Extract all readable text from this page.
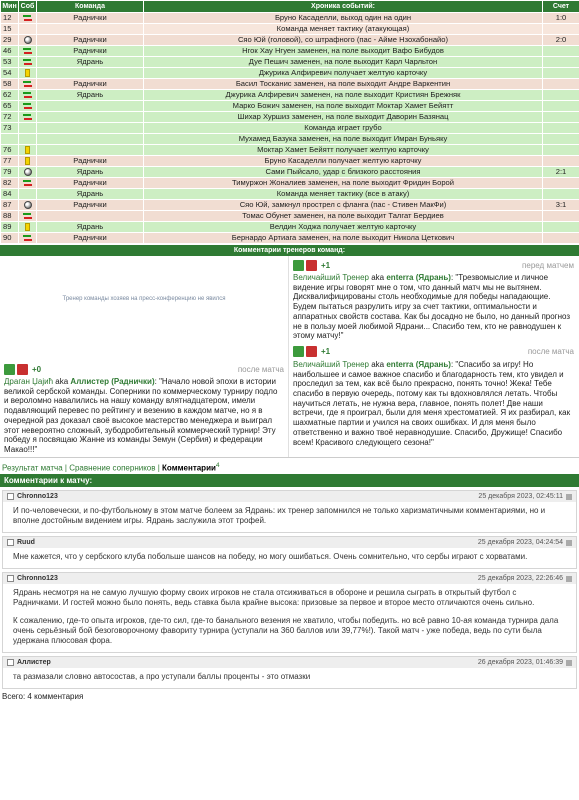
Мин	Соб	Команда	Хроника событий:	Счет
12		Раднички	Бруно Касаделли, выход один на один	1:0
15			Команда меняет тактику (атакующая)	
29		Раднички	Сяо Юй (головой), со штрафного (пас - Айме Нзохабонайо)	2:0
46		Раднички	Нгок Хау Нгуен заменен, на поле выходит Вафо Бибудов	
53		Ядрань	Дуе Пешич заменен, на поле выходит Карл Чарльтон	
54			Джурика Алфиревич получает желтую карточку	
58		Раднички	Басил Тосканис заменен, на поле выходит Андре Варкентин	
62		Ядрань	Джурика Алфиревич заменен, на поле выходит Кристиян Брежняк	
65			Марко Божич заменен, на поле выходит Моктар Хамет Бейятт	
72			Шихар Хуршиз заменен, на поле выходит Даворин Базянац	
73			Команда играет грубо	
			Мухамед Базука заменен, на поле выходит Имран Буньяку	
76			Моктар Хамет Бейятт получает желтую карточку	
77		Раднички	Бруно Касаделли получает желтую карточку	
79		Ядрань	Сами Пыйсало, удар с близкого расстояния	2:1
82		Раднички	Тимуржон Жоналиев заменен, на поле выходит Фридин Борой	
84		Ядрань	Команда меняет тактику (все в атаку)	
87		Раднички	Сяо Юй, замкнул прострел с фланга (пас - Стивен МакФи)	3:1
88			Томас Обунет заменен, на поле выходит Талгат Бердиев	
89		Ядрань	Велдин Ходжа получает желтую карточку	
90		Раднички	Бернардо Артиага заменен, на поле выходит Никола Цеткович	
Комментарии тренеров команд:
Тренер команды хозяев на пресс-конференцию не явился
+0	после матча
Драган Џајић aka Аллистер (Раднички): "Начало новой эпохи в истории великой сербской команды. Соперники по коммерческому турниру подло и вероломно навалились на нашу команду влятнадцатером, имели подавляющий перевес по рейтингу и везению в каждом матче, но я в очередной раз доказал своё высокое мастерство менеджера и выиграл этот невероятно сложный, зубодробительный коммерческий турнир! Эту победу я посвящаю Жанне из команды Земун (Сербия) и федерации Макао!!!"
+1	перед матчем
Величайший Тренер aka enterra (Ядрань): "Трезвомыслие и личное видение игры говорят мне о том, что данный матч мы не вытянем. Дисквалифицированы столь необходимые для победы нападающие. Будем пытаться разрулить игру за счет тактики, оптимальности и аппаратных свойств состава. Как бы досадно не было, но данный прогноз не в пользу моей любимой Ядрани... Спасибо тем, кто не равнодушен к этому матчу!"
+1	после матча
Величайший Тренер aka enterra (Ядрань): "Спасибо за игру! Но наибольшее и самое важное спасибо и благодарность тем, кто увидел и проследил за тем, как всё было прекрасно, понять точно! Жека! Тебе спасибо в первую очередь, потому как ты вдохновлялся летать. Чтобы научиться летать, не нужна вера, главное, понять полет! Две наши встречи, где я проиграл, были для меня хрестоматией. Я их разбирал, как шахматные партии и учился на своих ошибках. И для меня было ответственно и важно твоё неравнодушие. Спасибо, Дружище! Спасибо всем! Красивого следующего сезона!"
Результат матча | Сравнение соперников | Комментарии$^4$
Комментарии к матчу:
Chronno123	25 декабря 2023, 02:45:11

И по-человечески, и по-футбольному в этом матче болеем за Ядрань: их тренер запомнился не только харизматичными комментариями, но и вполне достойным видением игры. Ядрань заслужила этот трофей.

Ruud	25 декабря 2023, 04:24:54

Мне кажется, что у сербского клуба побольше шансов на победу, но могу ошибаться. Очень сомнительно, что сербы играют с хорватами.

Chronno123	25 декабря 2023, 22:26:46

Ядрань несмотря на не самую лучшую форму своих игроков не стала отсиживаться в обороне и решила сыграть в открытый футбол с Радничками. И гостей можно было понять, ведь ставка была крайне высока: призовые за первое и второе место отличаются очень сильно.

К сожалению, где-то опыта игроков, где-то сил, где-то банального везения не хватило, чтобы победить. но всё равно 10-ая команда турнира дала очень серьёзный бой безоговорочному фавориту турнира (уступали на 360 баллов или 39,77%!). Такой матч - уже победа, ведь по сути была удержана плюсовая фора.

Аллистер	26 декабря 2023, 01:46:39

та размазали словно автосостав, а про уступали баллы проценты - это отмазки

Всего: 4 комментария
